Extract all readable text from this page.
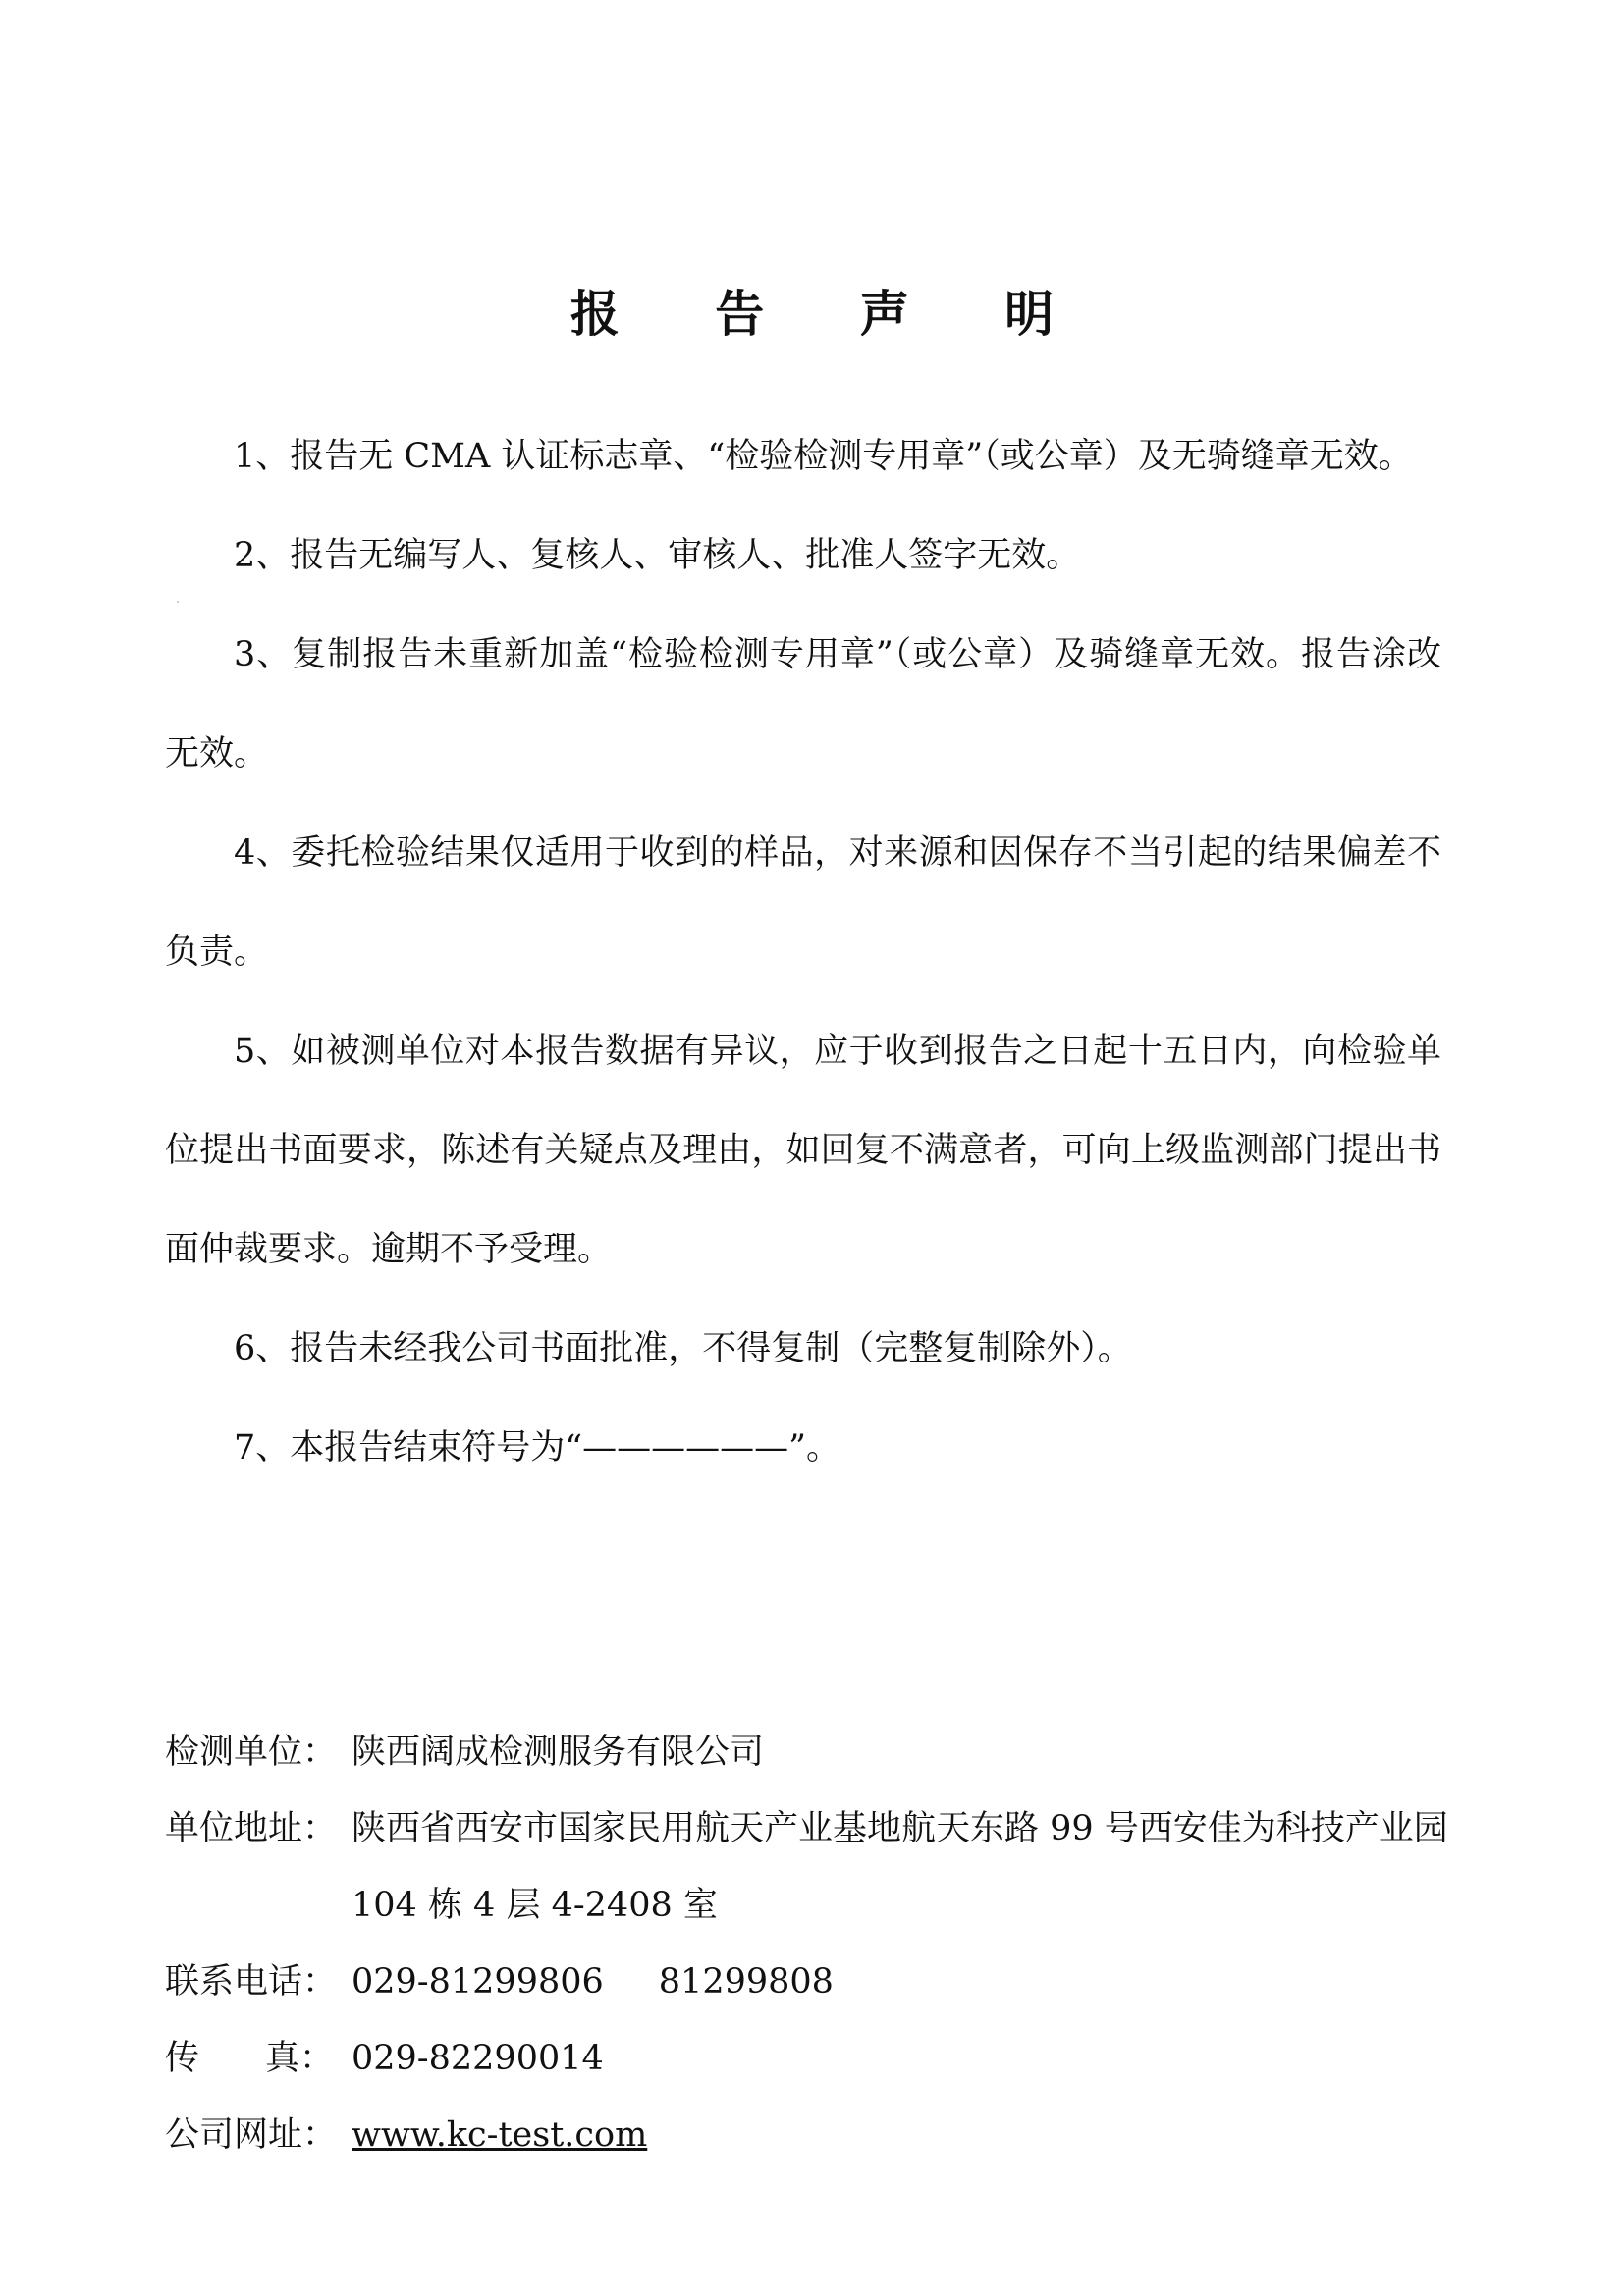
报 告 声 明

1、报告无 CMA 认证标志章、“检验检测专用章”（或公章）及无骑缝章无效。

2、报告无编写人、复核人、审核人、批准人签字无效。

3、复制报告未重新加盖“检验检测专用章”（或公章）及骑缝章无效。报告涂改无效。

4、委托检验结果仅适用于收到的样品，对来源和因保存不当引起的结果偏差不负责。

5、如被测单位对本报告数据有异议，应于收到报告之日起十五日内，向检验单位提出书面要求，陈述有关疑点及理由，如回复不满意者，可向上级监测部门提出书面仲裁要求。逾期不予受理。

6、报告未经我公司书面批准，不得复制（完整复制除外）。

7、本报告结束符号为“——————”。

检测单位： 陕西阔成检测服务有限公司
单位地址： 陕西省西安市国家民用航天产业基地航天东路 99 号西安佳为科技产业园 104 栋 4 层 4-2408 室
联系电话： 029-81299806 81299808
传 真： 029-82290014
公司网址： www.kc-test.com
